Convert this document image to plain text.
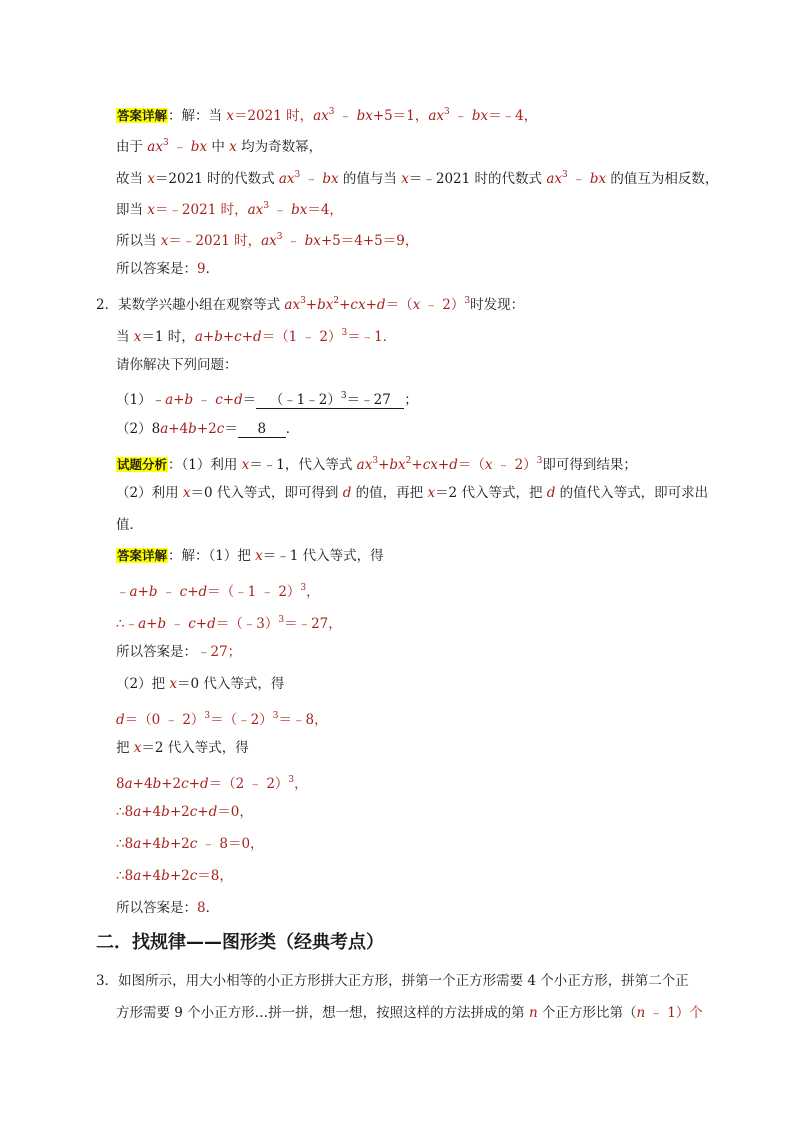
答案详解：解：当 x＝2021 时，$ax^3$ ﹣ bx+5＝1，$ax^3$ ﹣ bx＝﹣4，
由于 $ax^3$ ﹣ bx 中 x 均为奇数幂，
故当 x＝2021 时的代数式 $ax^3$ ﹣ bx 的值与当 x＝﹣2021 时的代数式 $ax^3$ ﹣ bx 的值互为相反数，
即当 x＝﹣2021 时，$ax^3$ ﹣ bx＝4，
所以当 x＝﹣2021 时，$ax^3$ ﹣ bx+5＝4+5＝9，
所以答案是：9．
2．某数学兴趣小组在观察等式 $ax^3+bx^2+cx+d=(x$ ﹣ 2）$^3$时发现：
当 x＝1 时，a+b+c+d＝（1 ﹣ 2）$^3$＝﹣1．
请你解决下列问题：
（1）﹣a+b ﹣ c+d＝ （﹣1﹣2）$^3$＝﹣27 ；
（2）8a+4b+2c＝ 8 ．
试题分析：（1）利用 x＝﹣1，代入等式 $ax^3+bx^2+cx+d=(x$ ﹣ 2）$^3$即可得到结果；
（2）利用 x＝0 代入等式，即可得到 d 的值，再把 x＝2 代入等式，把 d 的值代入等式，即可求出
值．
答案详解：解：（1）把 x＝﹣1 代入等式，得
﹣a+b ﹣ c+d＝（﹣1 ﹣ 2）$^3$，
∴﹣a+b ﹣ c+d＝（﹣3）$^3$＝﹣27，
所以答案是：﹣27；
（2）把 x＝0 代入等式，得
d＝（0 ﹣ 2）$^3$＝（﹣2）$^3$＝﹣8，
把 x＝2 代入等式，得
8a+4b+2c+d＝（2 ﹣ 2）$^3$，
∴8a+4b+2c+d＝0，
∴8a+4b+2c ﹣ 8＝0，
∴8a+4b+2c＝8，
所以答案是：8．
二．找规律——图形类（经典考点）
3．如图所示，用大小相等的小正方形拼大正方形，拼第一个正方形需要 4 个小正方形，拼第二个正
方形需要 9 个小正方形…拼一拼，想一想，按照这样的方法拼成的第 n 个正方形比第（n ﹣ 1）个
